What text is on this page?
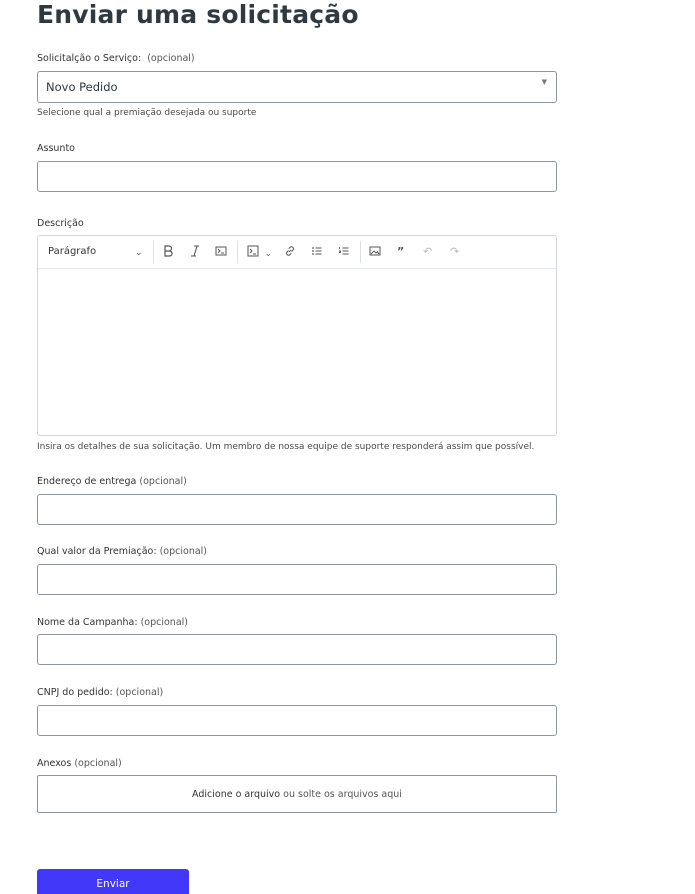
Enviar uma solicitação
Solicitalção o Serviço: (opcional)
Novo Pedido	▼
Selecione qual a premiação desejada ou suporte
Assunto
Descrição
Parágrafo	⌄	⌄	” ↶ ↷
Insira os detalhes de sua solicitação. Um membro de nossa equipe de suporte responderá assim que possível.
Endereço de entrega (opcional)
Qual valor da Premiação: (opcional)
Nome da Campanha: (opcional)
CNPJ do pedido: (opcional)
Anexos (opcional)
Adicione o arquivo ou solte os arquivos aqui
Enviar
